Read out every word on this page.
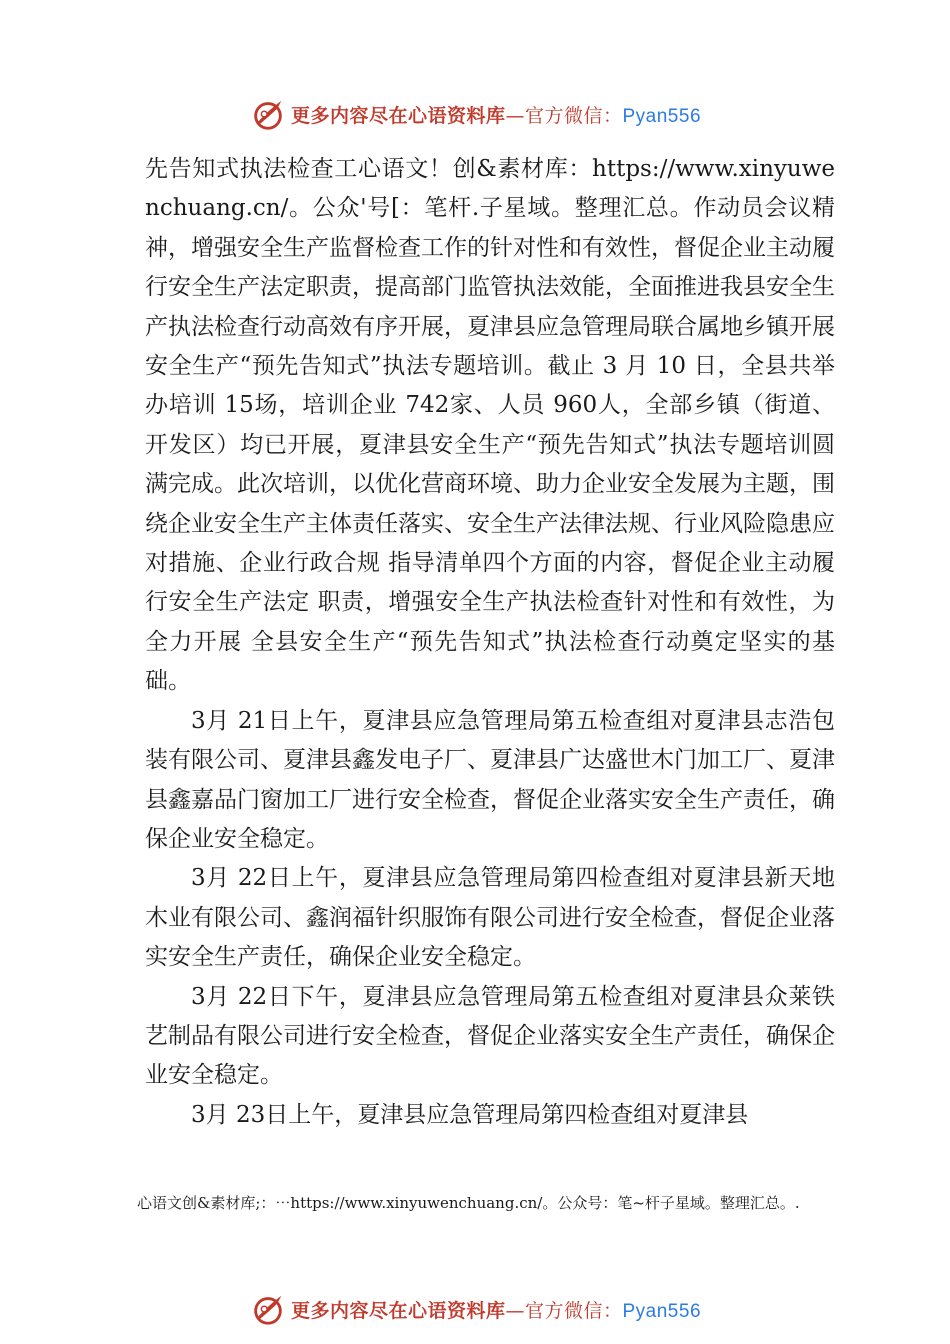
更多内容尽在心语资料库—官方微信：Pyan556

先告知式执法检查工心语文！创&素材库：https://www.xinyuwenchuang.cn/。公众'号[：笔杆.子星域。整理汇总。作动员会议精神，增强安全生产监督检查工作的针对性和有效性，督促企业主动履行安全生产法定职责，提高部门监管执法效能，全面推进我县安全生产执法检查行动高效有序开展，夏津县应急管理局联合属地乡镇开展安全生产“预先告知式”执法专题培训。截止 3 月 10 日，全县共举办培训 15场，培训企业 742家、人员 960人，全部乡镇（街道、开发区）均已开展，夏津县安全生产“预先告知式”执法专题培训圆满完成。此次培训，以优化营商环境、助力企业安全发展为主题，围绕企业安全生产主体责任落实、安全生产法律法规、行业风险隐患应对措施、企业行政合规 指导清单四个方面的内容，督促企业主动履行安全生产法定 职责，增强安全生产执法检查针对性和有效性，为全力开展 全县安全生产“预先告知式”执法检查行动奠定坚实的基础。

3月 21日上午，夏津县应急管理局第五检查组对夏津县志浩包装有限公司、夏津县鑫发电子厂、夏津县广达盛世木门加工厂、夏津县鑫嘉品门窗加工厂进行安全检查，督促企业落实安全生产责任，确保企业安全稳定。

3月 22日上午，夏津县应急管理局第四检查组对夏津县新天地木业有限公司、鑫润福针织服饰有限公司进行安全检查，督促企业落实安全生产责任，确保企业安全稳定。

3月 22日下午，夏津县应急管理局第五检查组对夏津县众莱铁艺制品有限公司进行安全检查，督促企业落实安全生产责任，确保企业安全稳定。

3月 23日上午，夏津县应急管理局第四检查组对夏津县

心语文创&素材库;：⋯https://www.xinyuwenchuang.cn/。公众号：笔~杆子星域。整理汇总。.
更多内容尽在心语资料库—官方微信：Pyan556
